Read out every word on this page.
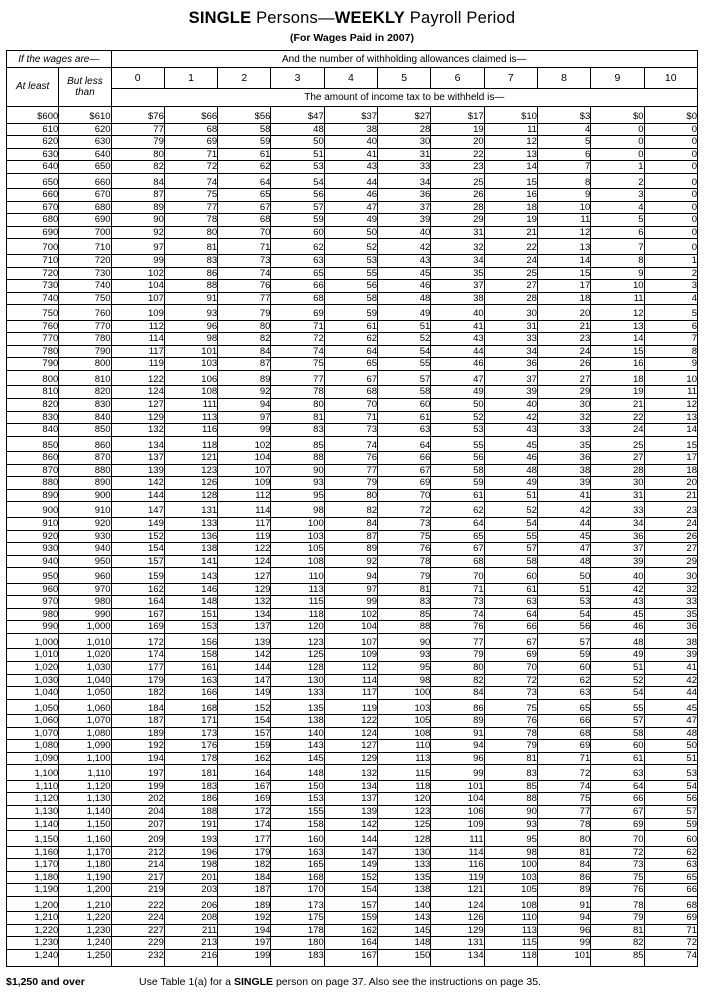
SINGLE Persons—WEEKLY Payroll Period
(For Wages Paid in 2007)
If the wages are—		And the number of withholding allowances claimed is—										
At least	But less
than	0	1	2	3	4	5	6	7	8	9	10
		The amount of income tax to be withheld is—										
$600	$610	$76	$66	$56	$47	$37	$27	$17	$10	$3	$0	$0
610	620	77	68	58	48	38	28	19	11	4	0	0
620	630	79	69	59	50	40	30	20	12	5	0	0
630	640	80	71	61	51	41	31	22	13	6	0	0
640	650	82	72	62	53	43	33	23	14	7	1	0
650	660	84	74	64	54	44	34	25	15	8	2	0
660	670	87	75	65	56	46	36	26	16	9	3	0
670	680	89	77	67	57	47	37	28	18	10	4	0
680	690	90	78	68	59	49	39	29	19	11	5	0
690	700	92	80	70	60	50	40	31	21	12	6	0
700	710	97	81	71	62	52	42	32	22	13	7	0
710	720	99	83	73	63	53	43	34	24	14	8	1
720	730	102	86	74	65	55	45	35	25	15	9	2
730	740	104	88	76	66	56	46	37	27	17	10	3
740	750	107	91	77	68	58	48	38	28	18	11	4
750	760	109	93	79	69	59	49	40	30	20	12	5
760	770	112	96	80	71	61	51	41	31	21	13	6
770	780	114	98	82	72	62	52	43	33	23	14	7
780	790	117	101	84	74	64	54	44	34	24	15	8
790	800	119	103	87	75	65	55	46	36	26	16	9
800	810	122	106	89	77	67	57	47	37	27	18	10
810	820	124	108	92	78	68	58	49	39	29	19	11
820	830	127	111	94	80	70	60	50	40	30	21	12
830	840	129	113	97	81	71	61	52	42	32	22	13
840	850	132	116	99	83	73	63	53	43	33	24	14
850	860	134	118	102	85	74	64	55	45	35	25	15
860	870	137	121	104	88	76	66	56	46	36	27	17
870	880	139	123	107	90	77	67	58	48	38	28	18
880	890	142	126	109	93	79	69	59	49	39	30	20
890	900	144	128	112	95	80	70	61	51	41	31	21
900	910	147	131	114	98	82	72	62	52	42	33	23
910	920	149	133	117	100	84	73	64	54	44	34	24
920	930	152	136	119	103	87	75	65	55	45	36	26
930	940	154	138	122	105	89	76	67	57	47	37	27
940	950	157	141	124	108	92	78	68	58	48	39	29
950	960	159	143	127	110	94	79	70	60	50	40	30
960	970	162	146	129	113	97	81	71	61	51	42	32
970	980	164	148	132	115	99	83	73	63	53	43	33
980	990	167	151	134	118	102	85	74	64	54	45	35
990	1,000	169	153	137	120	104	88	76	66	56	46	36
1,000	1,010	172	156	139	123	107	90	77	67	57	48	38
1,010	1,020	174	158	142	125	109	93	79	69	59	49	39
1,020	1,030	177	161	144	128	112	95	80	70	60	51	41
1,030	1,040	179	163	147	130	114	98	82	72	62	52	42
1,040	1,050	182	166	149	133	117	100	84	73	63	54	44
1,050	1,060	184	168	152	135	119	103	86	75	65	55	45
1,060	1,070	187	171	154	138	122	105	89	76	66	57	47
1,070	1,080	189	173	157	140	124	108	91	78	68	58	48
1,080	1,090	192	176	159	143	127	110	94	79	69	60	50
1,090	1,100	194	178	162	145	129	113	96	81	71	61	51
1,100	1,110	197	181	164	148	132	115	99	83	72	63	53
1,110	1,120	199	183	167	150	134	118	101	85	74	64	54
1,120	1,130	202	186	169	153	137	120	104	88	75	66	56
1,130	1,140	204	188	172	155	139	123	106	90	77	67	57
1,140	1,150	207	191	174	158	142	125	109	93	78	69	59
1,150	1,160	209	193	177	160	144	128	111	95	80	70	60
1,160	1,170	212	196	179	163	147	130	114	98	81	72	62
1,170	1,180	214	198	182	165	149	133	116	100	84	73	63
1,180	1,190	217	201	184	168	152	135	119	103	86	75	65
1,190	1,200	219	203	187	170	154	138	121	105	89	76	66
1,200	1,210	222	206	189	173	157	140	124	108	91	78	68
1,210	1,220	224	208	192	175	159	143	126	110	94	79	69
1,220	1,230	227	211	194	178	162	145	129	113	96	81	71
1,230	1,240	229	213	197	180	164	148	131	115	99	82	72
1,240	1,250	232	216	199	183	167	150	134	118	101	85	74
$1,250 and over	Use Table 1(a) for a SINGLE person on page 37. Also see the instructions on page 35.
